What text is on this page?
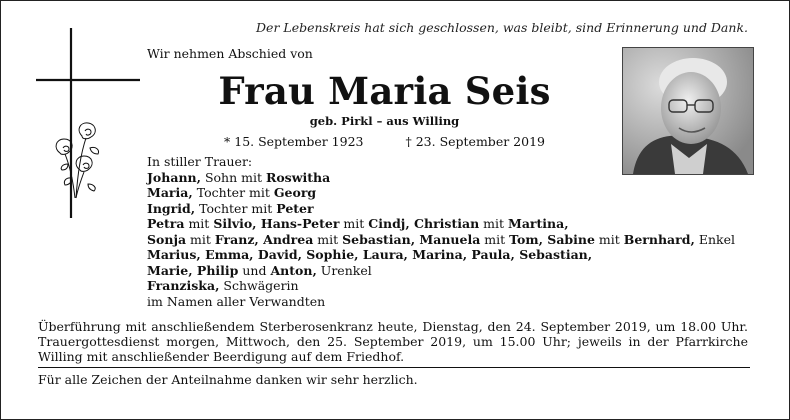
Der Lebenskreis hat sich geschlossen, was bleibt, sind Erinnerung und Dank.
Wir nehmen Abschied von
Frau Maria Seis
geb. Pirkl – aus Willing
* 15. September 1923	† 23. September 2019
In stiller Trauer:
Johann, Sohn mit Roswitha
Maria, Tochter mit Georg
Ingrid, Tochter mit Peter
Petra mit Silvio, Hans-Peter mit Cindj, Christian mit Martina,
Sonja mit Franz, Andrea mit Sebastian, Manuela mit Tom, Sabine mit Bernhard, Enkel
Marius, Emma, David, Sophie, Laura, Marina, Paula, Sebastian,
Marie, Philip und Anton, Urenkel
Franziska, Schwägerin
im Namen aller Verwandten
Überführung mit anschließendem Sterberosenkranz heute, Dienstag, den 24. September 2019, um 18.00 Uhr. Trauergottesdienst morgen, Mittwoch, den 25. September 2019, um 15.00 Uhr; jeweils in der Pfarrkirche Willing mit anschließender Beerdigung auf dem Friedhof.
Für alle Zeichen der Anteilnahme danken wir sehr herzlich.
